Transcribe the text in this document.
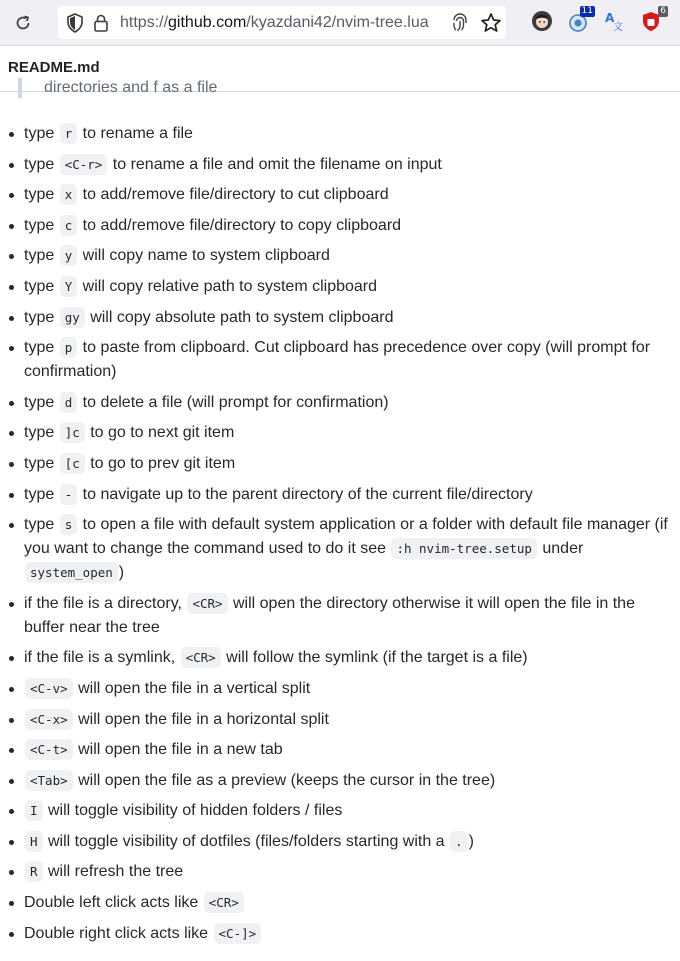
https://github.com/kyazdani42/nvim-tree.lua
11 A
文
6
README.md
directories and f as a file
type r to rename a file
type <C-r> to rename a file and omit the filename on input
type x to add/remove file/directory to cut clipboard
type c to add/remove file/directory to copy clipboard
type y will copy name to system clipboard
type Y will copy relative path to system clipboard
type gy will copy absolute path to system clipboard
type p to paste from clipboard. Cut clipboard has precedence over copy (will prompt for confirmation)
type d to delete a file (will prompt for confirmation)
type ]c to go to next git item
type [c to go to prev git item
type - to navigate up to the parent directory of the current file/directory
type s to open a file with default system application or a folder with default file manager (if you want to change the command used to do it see :h nvim-tree.setup under system_open )
if the file is a directory, <CR> will open the directory otherwise it will open the file in the buffer near the tree
if the file is a symlink, <CR> will follow the symlink (if the target is a file)
<C-v> will open the file in a vertical split
<C-x> will open the file in a horizontal split
<C-t> will open the file in a new tab
<Tab> will open the file as a preview (keeps the cursor in the tree)
I will toggle visibility of hidden folders / files
H will toggle visibility of dotfiles (files/folders starting with a . )
R will refresh the tree
Double left click acts like <CR>
Double right click acts like <C-]>
